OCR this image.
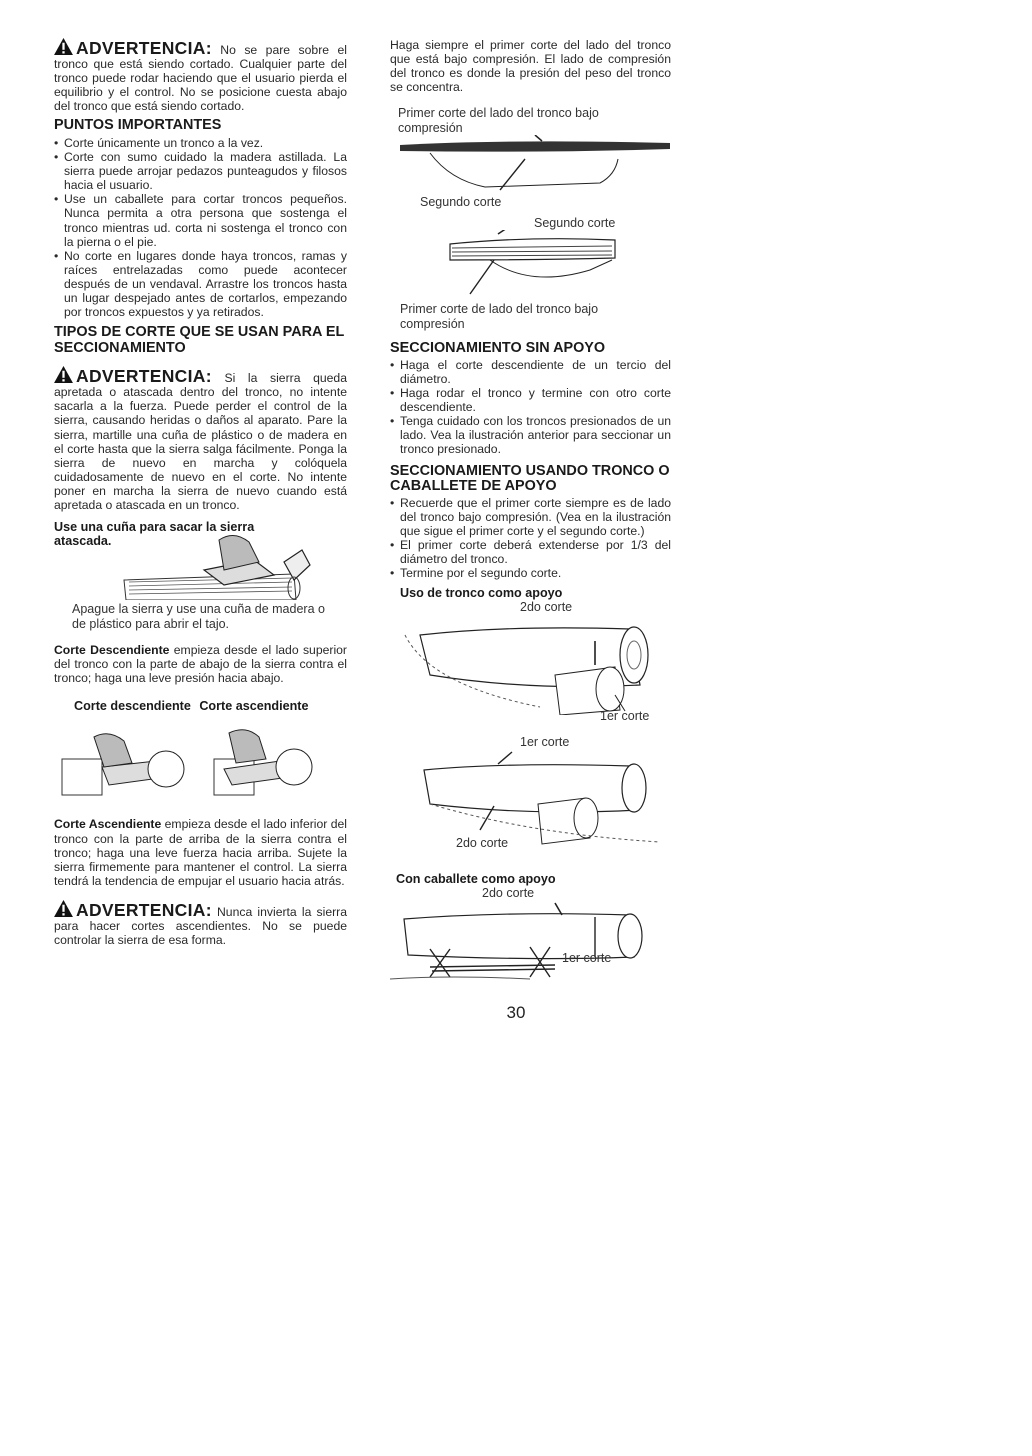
ADVERTENCIA: No se pare sobre el tronco que está siendo cortado. Cualquier parte del tronco puede rodar haciendo que el usuario pierda el equilibrio y el control. No se posicione cuesta abajo del tronco que está siendo cortado.

PUNTOS IMPORTANTES
• Corte únicamente un tronco a la vez.
• Corte con sumo cuidado la madera astillada. La sierra puede arrojar pedazos punteagudos y filosos hacia el usuario.
• Use un caballete para cortar troncos pequeños. Nunca permita a otra persona que sostenga el tronco mientras ud. corta ni sostenga el tronco con la pierna o el pie.
• No corte en lugares donde haya troncos, ramas y raíces entrelazadas como puede acontecer después de un vendaval. Arrastre los troncos hasta un lugar despejado antes de cortarlos, empezando por troncos expuestos y ya retirados.
TIPOS DE CORTE QUE SE USAN PARA EL SECCIONAMIENTO

ADVERTENCIA: Si la sierra queda apretada o atascada dentro del tronco, no intente sacarla a la fuerza. Puede perder el control de la sierra, causando heridas o daños al aparato. Pare la sierra, martille una cuña de plástico o de madera en el corte hasta que la sierra salga fácilmente. Ponga la sierra de nuevo en marcha y colóquela cuidadosamente de nuevo en el corte. No intente poner en marcha la sierra de nuevo cuando está apretada o atascada en un tronco.

Use una cuña para sacar la sierra atascada.

Apague la sierra y use una cuña de madera o de plástico para abrir el tajo.

Corte Descendiente empieza desde el lado superior del tronco con la parte de abajo de la sierra contra el tronco; haga una leve presión hacia abajo.

Corte descendiente Corte ascendiente

Corte Ascendiente empieza desde el lado inferior del tronco con la parte de arriba de la sierra contra el tronco; haga una leve fuerza hacia arriba. Sujete la sierra firmemente para mantener el control. La sierra tendrá la tendencia de empujar el usuario hacia atrás.

ADVERTENCIA: Nunca invierta la sierra para hacer cortes ascendientes. No se puede controlar la sierra de esa forma.

Haga siempre el primer corte del lado del tronco que está bajo compresión. El lado de compresión del tronco es donde la presión del peso del tronco se concentra.

Primer corte del lado del tronco bajo compresión
Segundo corte
Segundo corte
Primer corte de lado del tronco bajo compresión
SECCIONAMIENTO SIN APOYO
• Haga el corte descendiente de un tercio del diámetro.
• Haga rodar el tronco y termine con otro corte descendiente.
• Tenga cuidado con los troncos presionados de un lado. Vea la ilustración anterior para seccionar un tronco presionado.
SECCIONAMIENTO USANDO TRONCO O CABALLETE DE APOYO
• Recuerde que el primer corte siempre es de lado del tronco bajo compresión. (Vea en la ilustración que sigue el primer corte y el segundo corte.)
• El primer corte deberá extenderse por 1/3 del diámetro del tronco.
• Termine por el segundo corte.
Uso de tronco como apoyo
2do corte
1er corte
1er corte
2do corte
Con caballete como apoyo
2do corte
1er corte
30
